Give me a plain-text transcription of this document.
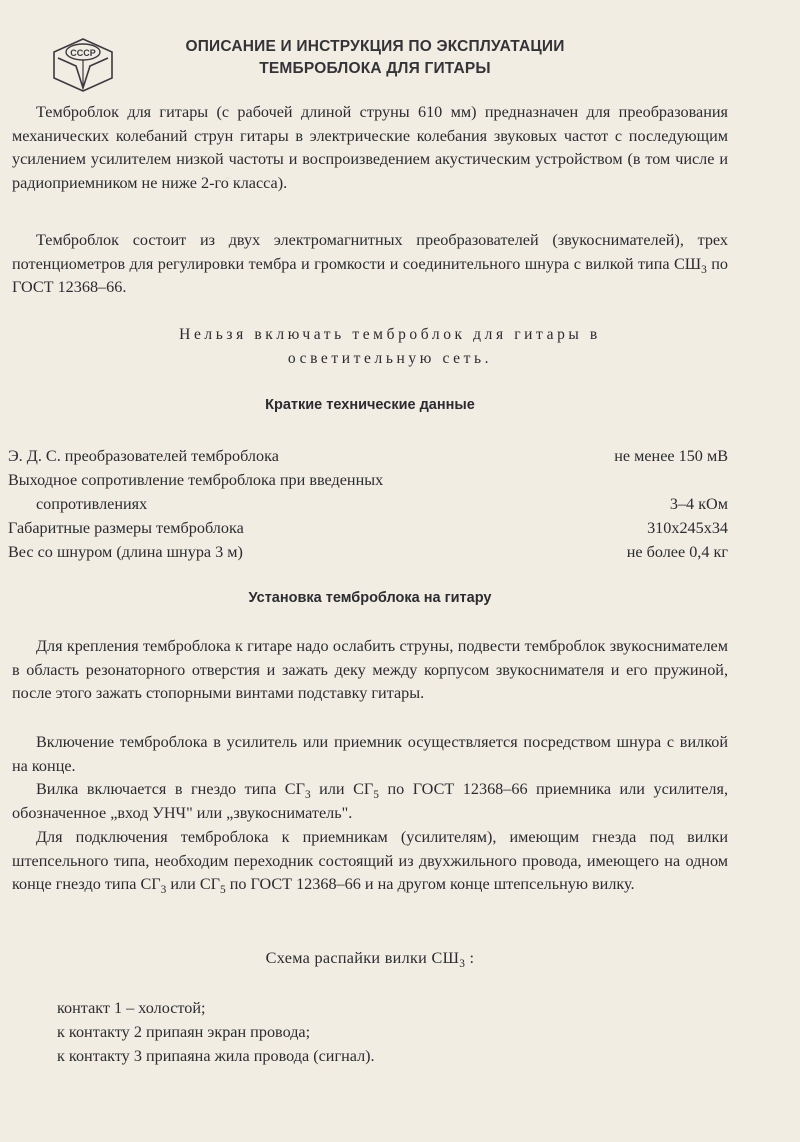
СССР	ОПИСАНИЕ И ИНСТРУКЦИЯ ПО ЭКСПЛУАТАЦИИ
ТЕМБРОБЛОКА ДЛЯ ГИТАРЫ
Темброблок для гитары (с рабочей длиной струны 610 мм) предназначен для преобразования механических колебаний струн гитары в электрические колебания звуковых частот с последующим усилением усилителем низкой частоты и воспроизведением акустическим устройством (в том числе и радиоприемником не ниже 2-го класса).
Темброблок состоит из двух электромагнитных преобразователей (звукоснимателей), трех потенциометров для регулировки тембра и громкости и соединительного шнура с вилкой типа $СШ_3$ по ГОСТ 12368–66.
Нельзя включать темброблок для гитары в
осветительную сеть.
Краткие технические данные
Э. Д. С. преобразователей темброблока	не менее 150 мВ
Выходное сопротивление темброблока при введенных
сопротивлениях	3–4 кОм
Габаритные размеры темброблока	310x245x34
Вес со шнуром (длина шнура 3 м)	не более 0,4 кг
Установка темброблока на гитару
Для крепления темброблока к гитаре надо ослабить струны, подвести темброблок звукоснимателем в область резонаторного отверстия и зажать деку между корпусом звукоснимателя и его пружиной, после этого зажать стопорными винтами подставку гитары.
Включение темброблока в усилитель или приемник осуществляется посредством шнура с вилкой на конце.
Вилка включается в гнездо типа $СГ_3$ или $СГ_5$ по ГОСТ 12368–66 приемника или усилителя, обозначенное „вход УНЧ" или „звукосниматель".
Для подключения темброблока к приемникам (усилителям), имеющим гнезда под вилки штепсельного типа, необходим переходник состоящий из двухжильного провода, имеющего на одном конце гнездо типа $СГ_3$ или $СГ_5$ по ГОСТ 12368–66 и на другом конце штепсельную вилку.
Схема распайки вилки $СШ_3$ :
контакт 1 – холостой;
к контакту 2 припаян экран провода;
к контакту 3 припаяна жила провода (сигнал).
